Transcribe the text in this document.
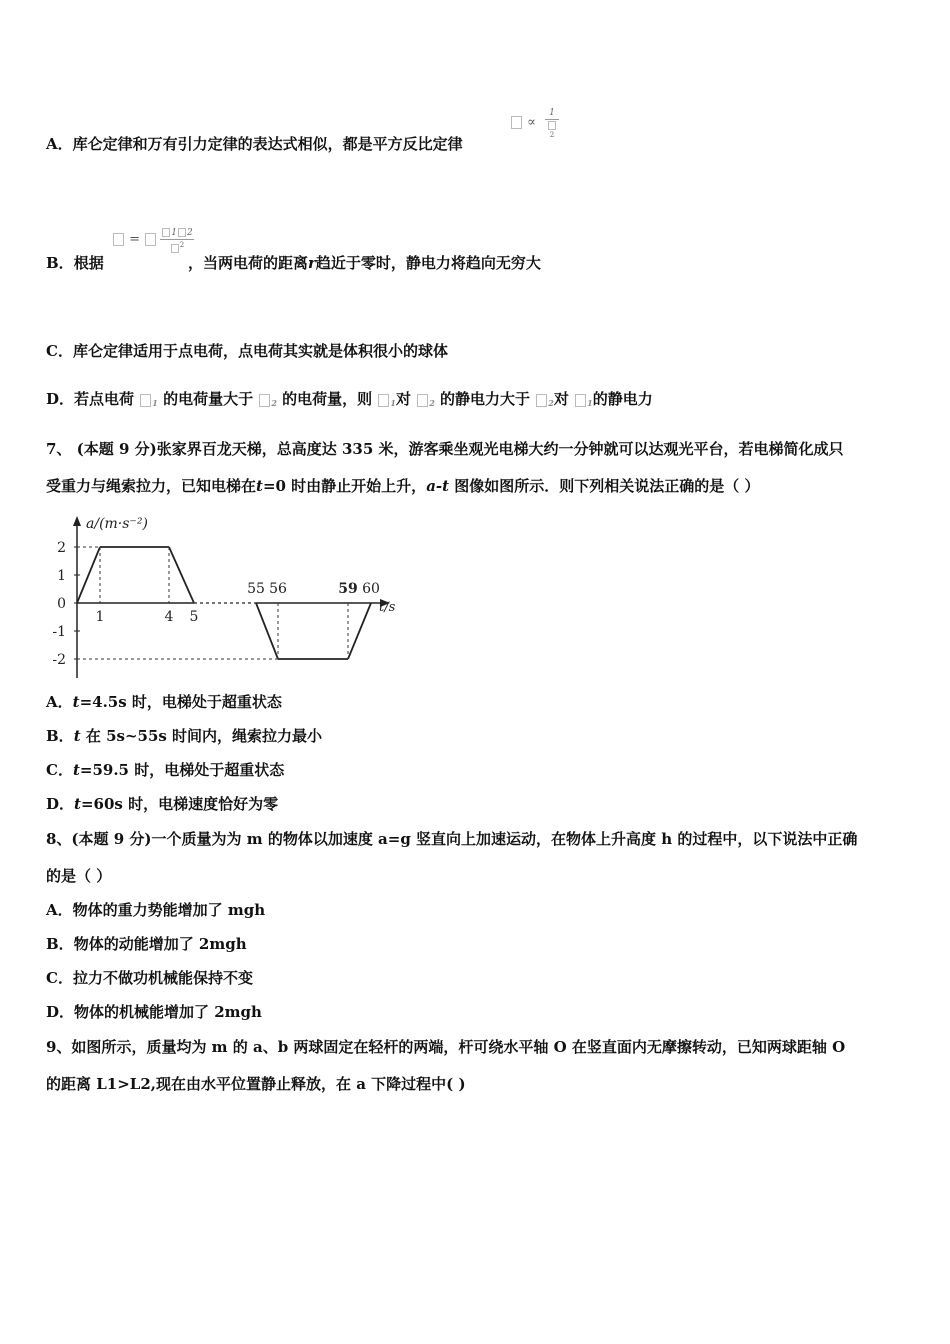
A．库仑定律和万有引力定律的表达式相似，都是平方反比定律
∝
1
$^2$
B．根据
=	1 2
$^2$
，当两电荷的距离r趋近于零时，静电力将趋向无穷大
C．库仑定律适用于点电荷，点电荷其实就是体积很小的球体
D．若点电荷 $_1$ 的电荷量大于 $_2$ 的电荷量，则 $_1$对 $_2$ 的静电力大于 $_2$对 $_1$的静电力
7、 (本题 9 分)张家界百龙天梯，总高度达 335 米，游客乘坐观光电梯大约一分钟就可以达观光平台，若电梯简化成只
受重力与绳索拉力，已知电梯在t=0 时由静止开始上升，a-t 图像如图所示．则下列相关说法正确的是（ ）
a/(m·s⁻²)
2
1
0
-1
-2
1	4 5
55 56	59 60
t/s
A．t=4.5s 时，电梯处于超重状态
B．t 在 5s~55s 时间内，绳索拉力最小
C．t=59.5 时，电梯处于超重状态
D．t=60s 时，电梯速度恰好为零
8、(本题 9 分)一个质量为为 m 的物体以加速度 a=g 竖直向上加速运动，在物体上升高度 h 的过程中，以下说法中正确
的是（ ）
A．物体的重力势能增加了 mgh
B．物体的动能增加了 2mgh
C．拉力不做功机械能保持不变
D．物体的机械能增加了 2mgh
9、如图所示，质量均为 m 的 a、b 两球固定在轻杆的两端，杆可绕水平轴 O 在竖直面内无摩擦转动，已知两球距轴 O
的距离 L1>L2,现在由水平位置静止释放，在 a 下降过程中( )
